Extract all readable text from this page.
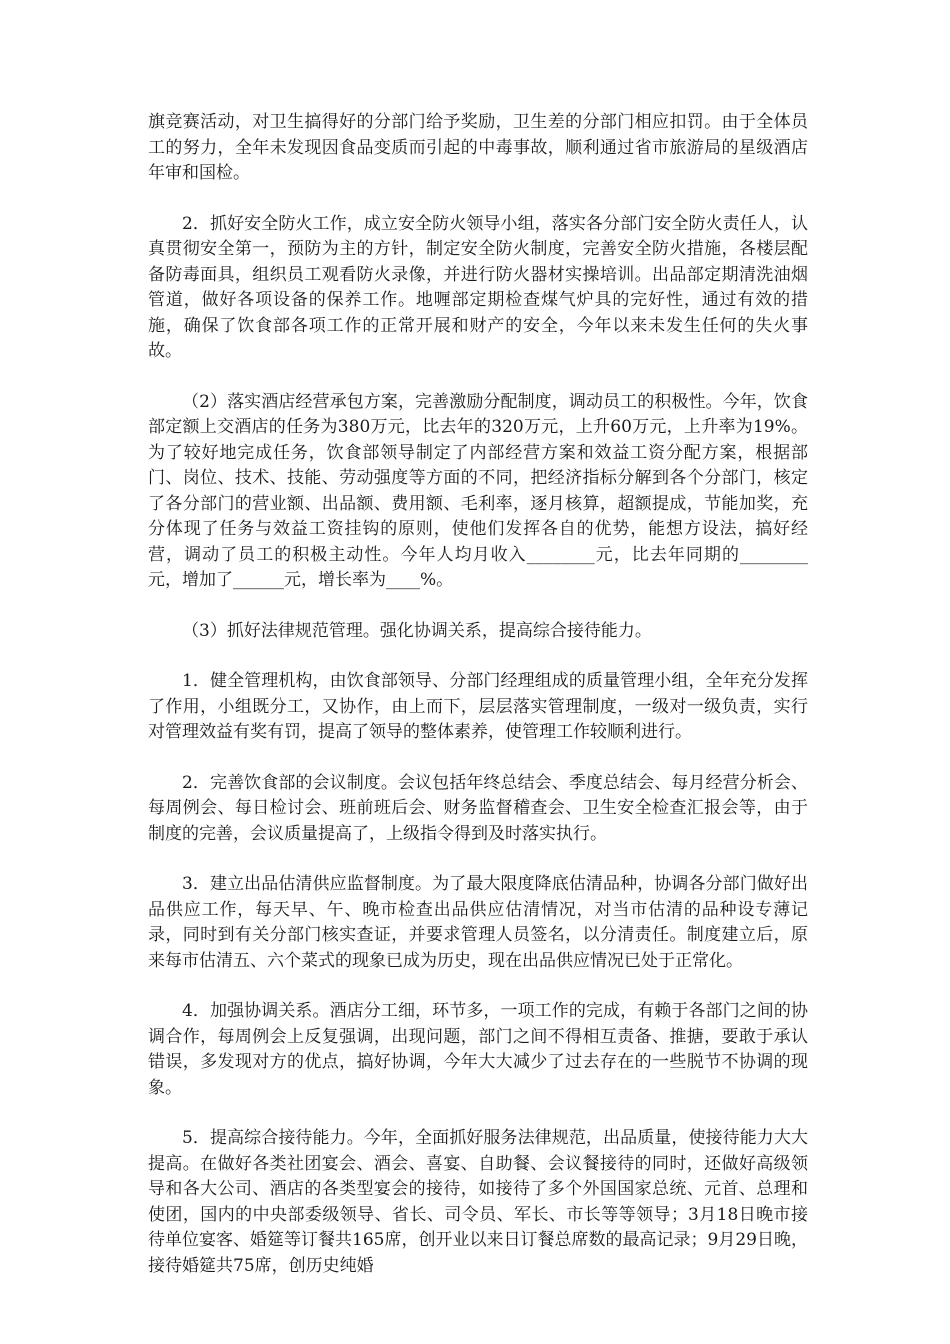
旗竞赛活动，对卫生搞得好的分部门给予奖励，卫生差的分部门相应扣罚。由于全体员工的努力，全年未发现因食品变质而引起的中毒事故，顺利通过省市旅游局的星级酒店年审和国检。

2．抓好安全防火工作，成立安全防火领导小组，落实各分部门安全防火责任人，认真贯彻安全第一，预防为主的方针，制定安全防火制度，完善安全防火措施，各楼层配备防毒面具，组织员工观看防火录像，并进行防火器材实操培训。出品部定期清洗油烟管道，做好各项设备的保养工作。地喱部定期检查煤气炉具的完好性，通过有效的措施，确保了饮食部各项工作的正常开展和财产的安全，今年以来未发生任何的失火事故。

（2）落实酒店经营承包方案，完善激励分配制度，调动员工的积极性。今年，饮食部定额上交酒店的任务为380万元，比去年的320万元，上升60万元，上升率为19%。为了较好地完成任务，饮食部领导制定了内部经营方案和效益工资分配方案，根据部门、岗位、技术、技能、劳动强度等方面的不同，把经济指标分解到各个分部门，核定了各分部门的营业额、出品额、费用额、毛利率，逐月核算，超额提成，节能加奖，充分体现了任务与效益工资挂钩的原则，使他们发挥各自的优势，能想方设法，搞好经营，调动了员工的积极主动性。今年人均月收入________元，比去年同期的________元，增加了______元，增长率为____%。

（3）抓好法律规范管理。强化协调关系，提高综合接待能力。

1．健全管理机构，由饮食部领导、分部门经理组成的质量管理小组，全年充分发挥了作用，小组既分工，又协作，由上而下，层层落实管理制度，一级对一级负责，实行对管理效益有奖有罚，提高了领导的整体素养，使管理工作较顺利进行。

2．完善饮食部的会议制度。会议包括年终总结会、季度总结会、每月经营分析会、每周例会、每日检讨会、班前班后会、财务监督稽查会、卫生安全检查汇报会等，由于制度的完善，会议质量提高了，上级指令得到及时落实执行。

3．建立出品估清供应监督制度。为了最大限度降底估清品种，协调各分部门做好出品供应工作，每天早、午、晚市检查出品供应估清情况，对当市估清的品种设专薄记录，同时到有关分部门核实查证，并要求管理人员签名，以分清责任。制度建立后，原来每市估清五、六个菜式的现象已成为历史，现在出品供应情况已处于正常化。

4．加强协调关系。酒店分工细，环节多，一项工作的完成，有赖于各部门之间的协调合作，每周例会上反复强调，出现问题，部门之间不得相互责备、推搪，要敢于承认错误，多发现对方的优点，搞好协调，今年大大减少了过去存在的一些脱节不协调的现象。

5．提高综合接待能力。今年，全面抓好服务法律规范，出品质量，使接待能力大大提高。在做好各类社团宴会、酒会、喜宴、自助餐、会议餐接待的同时，还做好高级领导和各大公司、酒店的各类型宴会的接待，如接待了多个外国国家总统、元首、总理和使团，国内的中央部委级领导、省长、司令员、军长、市长等等领导；3月18日晚市接待单位宴客、婚筵等订餐共165席，创开业以来日订餐总席数的最高记录；9月29日晚，接待婚筵共75席，创历史纯婚
